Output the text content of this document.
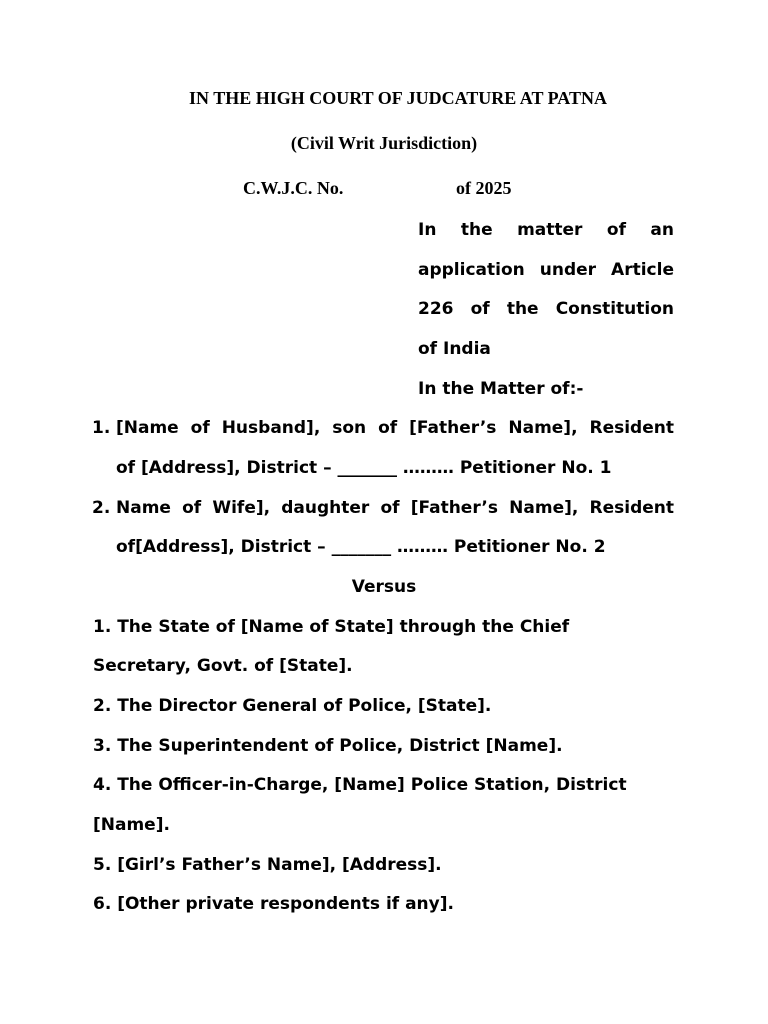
IN THE HIGH COURT OF JUDCATURE AT PATNA
(Civil Writ Jurisdiction)
C.W.J.C. No.	of 2025
In the matter of an
application under Article
226 of the Constitution
of India
In the Matter of:-
1. [Name of Husband], son of [Father’s Name], Resident
of [Address], District – _______ ……… Petitioner No. 1
2. Name of Wife], daughter of [Father’s Name], Resident
of[Address], District – _______ ……… Petitioner No. 2
Versus
1. The State of [Name of State] through the Chief
Secretary, Govt. of [State].
2. The Director General of Police, [State].
3. The Superintendent of Police, District [Name].
4. The Officer-in-Charge, [Name] Police Station, District
[Name].
5. [Girl’s Father’s Name], [Address].
6. [Other private respondents if any].
